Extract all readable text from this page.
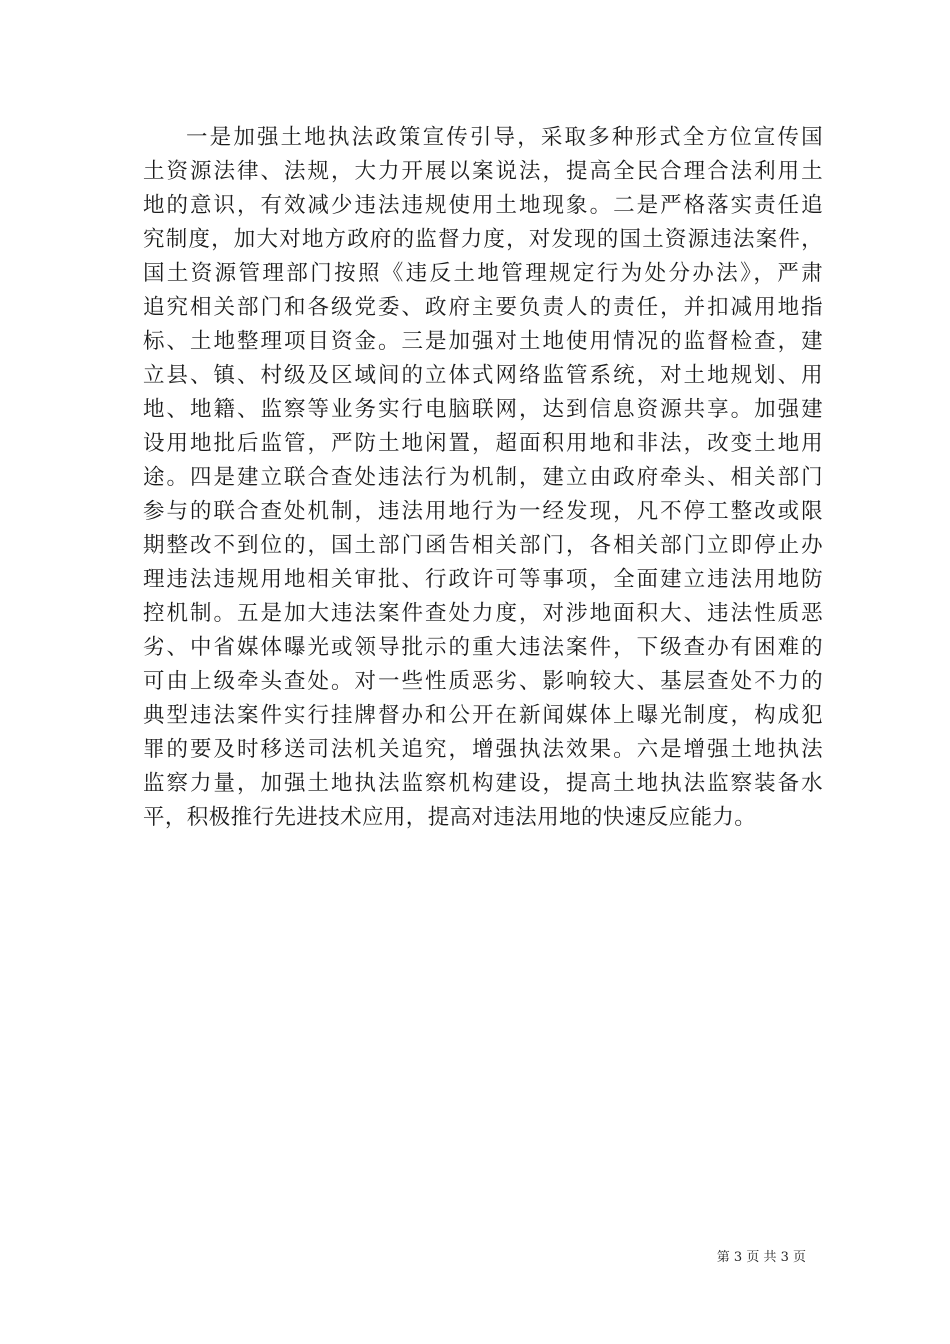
一是加强土地执法政策宣传引导，采取多种形式全方位宣传国
土资源法律、法规，大力开展以案说法，提高全民合理合法利用土
地的意识，有效减少违法违规使用土地现象。二是严格落实责任追
究制度，加大对地方政府的监督力度，对发现的国土资源违法案件，
国土资源管理部门按照《违反土地管理规定行为处分办法》，严肃
追究相关部门和各级党委、政府主要负责人的责任，并扣减用地指
标、土地整理项目资金。三是加强对土地使用情况的监督检查，建
立县、镇、村级及区域间的立体式网络监管系统，对土地规划、用
地、地籍、监察等业务实行电脑联网，达到信息资源共享。加强建
设用地批后监管，严防土地闲置，超面积用地和非法，改变土地用
途。四是建立联合查处违法行为机制，建立由政府牵头、相关部门
参与的联合查处机制，违法用地行为一经发现，凡不停工整改或限
期整改不到位的，国土部门函告相关部门，各相关部门立即停止办
理违法违规用地相关审批、行政许可等事项，全面建立违法用地防
控机制。五是加大违法案件查处力度，对涉地面积大、违法性质恶
劣、中省媒体曝光或领导批示的重大违法案件，下级查办有困难的
可由上级牵头查处。对一些性质恶劣、影响较大、基层查处不力的
典型违法案件实行挂牌督办和公开在新闻媒体上曝光制度，构成犯
罪的要及时移送司法机关追究，增强执法效果。六是增强土地执法
监察力量，加强土地执法监察机构建设，提高土地执法监察装备水
平，积极推行先进技术应用，提高对违法用地的快速反应能力。
第 3 页 共 3 页
